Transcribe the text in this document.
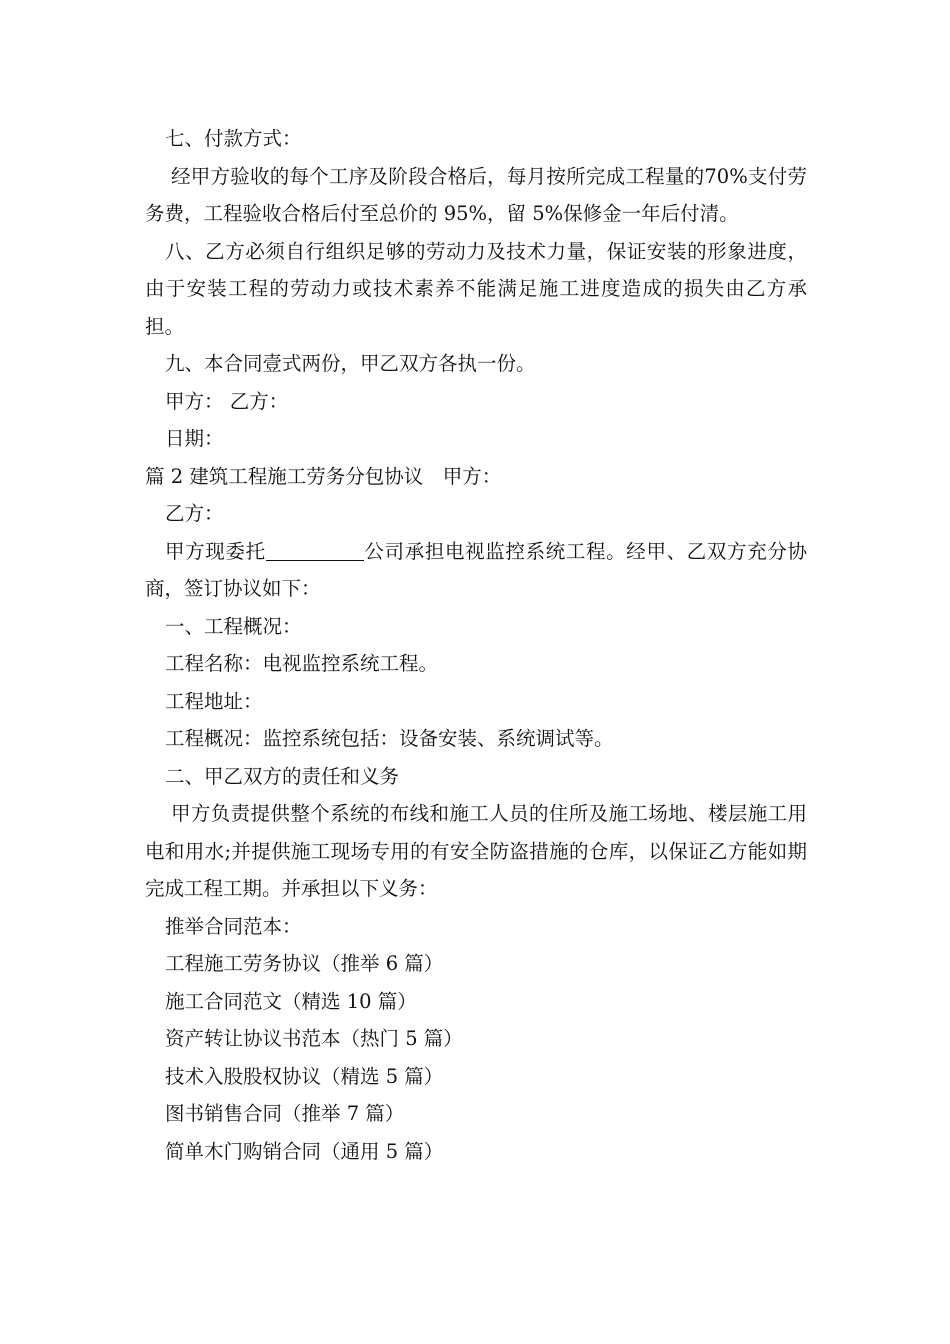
七、付款方式：

经甲方验收的每个工序及阶段合格后，每月按所完成工程量的70%支付劳务费，工程验收合格后付至总价的 95%，留 5%保修金一年后付清。

八、乙方必须自行组织足够的劳动力及技术力量，保证安装的形象进度，由于安装工程的劳动力或技术素养不能满足施工进度造成的损失由乙方承担。

九、本合同壹式两份，甲乙双方各执一份。

甲方： 乙方：

日期：

篇 2 建筑工程施工劳务分包协议　甲方：

乙方：

甲方现委托	公司承担电视监控系统工程。经甲、乙双方充分协商，签订协议如下：

一、工程概况：

工程名称：电视监控系统工程。

工程地址：

工程概况：监控系统包括：设备安装、系统调试等。

二、甲乙双方的责任和义务

甲方负责提供整个系统的布线和施工人员的住所及施工场地、楼层施工用电和用水;并提供施工现场专用的有安全防盗措施的仓库，以保证乙方能如期完成工程工期。并承担以下义务：

推举合同范本：

工程施工劳务协议（推举 6 篇）

施工合同范文（精选 10 篇）

资产转让协议书范本（热门 5 篇）

技术入股股权协议（精选 5 篇）

图书销售合同（推举 7 篇）

简单木门购销合同（通用 5 篇）
